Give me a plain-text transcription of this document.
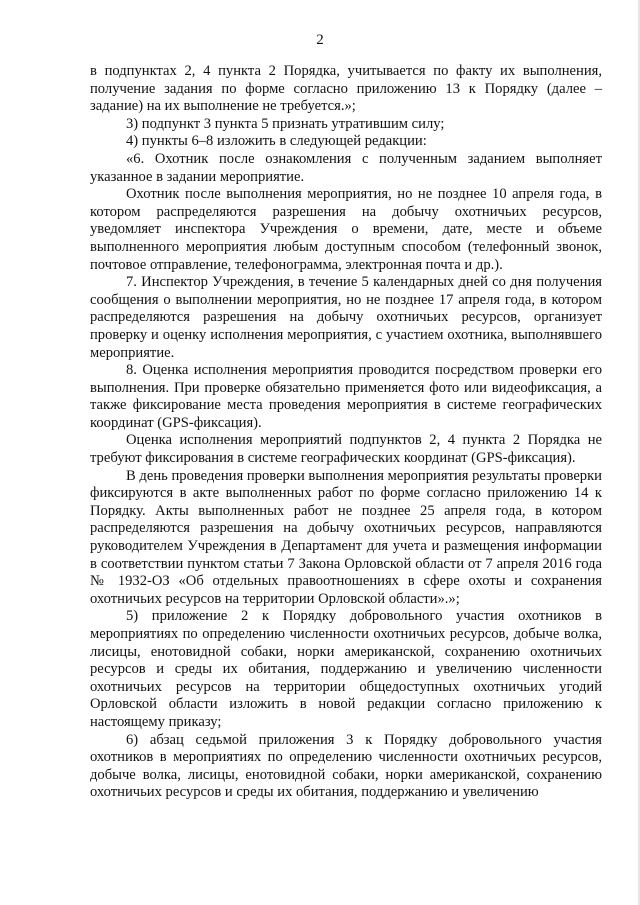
2

в подпунктах 2, 4 пункта 2 Порядка, учитывается по факту их выполнения, получение задания по форме согласно приложению 13 к Порядку (далее – задание) на их выполнение не требуется.»;

3) подпункт 3 пункта 5 признать утратившим силу;

4) пункты 6–8 изложить в следующей редакции:

«6. Охотник после ознакомления с полученным заданием выполняет указанное в задании мероприятие.

Охотник после выполнения мероприятия, но не позднее 10 апреля года, в котором распределяются разрешения на добычу охотничьих ресурсов, уведомляет инспектора Учреждения о времени, дате, месте и объеме выполненного мероприятия любым доступным способом (телефонный звонок, почтовое отправление, телефонограмма, электронная почта и др.).

7. Инспектор Учреждения, в течение 5 календарных дней со дня получения сообщения о выполнении мероприятия, но не позднее 17 апреля года, в котором распределяются разрешения на добычу охотничьих ресурсов, организует проверку и оценку исполнения мероприятия, с участием охотника, выполнявшего мероприятие.

8. Оценка исполнения мероприятия проводится посредством проверки его выполнения. При проверке обязательно применяется фото или видеофиксация, а также фиксирование места проведения мероприятия в системе географических координат (GPS-фиксация).

Оценка исполнения мероприятий подпунктов 2, 4 пункта 2 Порядка не требуют фиксирования в системе географических координат (GPS-фиксация).

В день проведения проверки выполнения мероприятия результаты проверки фиксируются в акте выполненных работ по форме согласно приложению 14 к Порядку. Акты выполненных работ не позднее 25 апреля года, в котором распределяются разрешения на добычу охотничьих ресурсов, направляются руководителем Учреждения в Департамент для учета и размещения информации в соответствии пунктом статьи 7 Закона Орловской области от 7 апреля 2016 года № 1932-ОЗ «Об отдельных правоотношениях в сфере охоты и сохранения охотничьих ресурсов на территории Орловской области».»;

5) приложение 2 к Порядку добровольного участия охотников в мероприятиях по определению численности охотничьих ресурсов, добыче волка, лисицы, енотовидной собаки, норки американской, сохранению охотничьих ресурсов и среды их обитания, поддержанию и увеличению численности охотничьих ресурсов на территории общедоступных охотничьих угодий Орловской области изложить в новой редакции согласно приложению к настоящему приказу;

6) абзац седьмой приложения 3 к Порядку добровольного участия охотников в мероприятиях по определению численности охотничьих ресурсов, добыче волка, лисицы, енотовидной собаки, норки американской, сохранению охотничьих ресурсов и среды их обитания, поддержанию и увеличению
